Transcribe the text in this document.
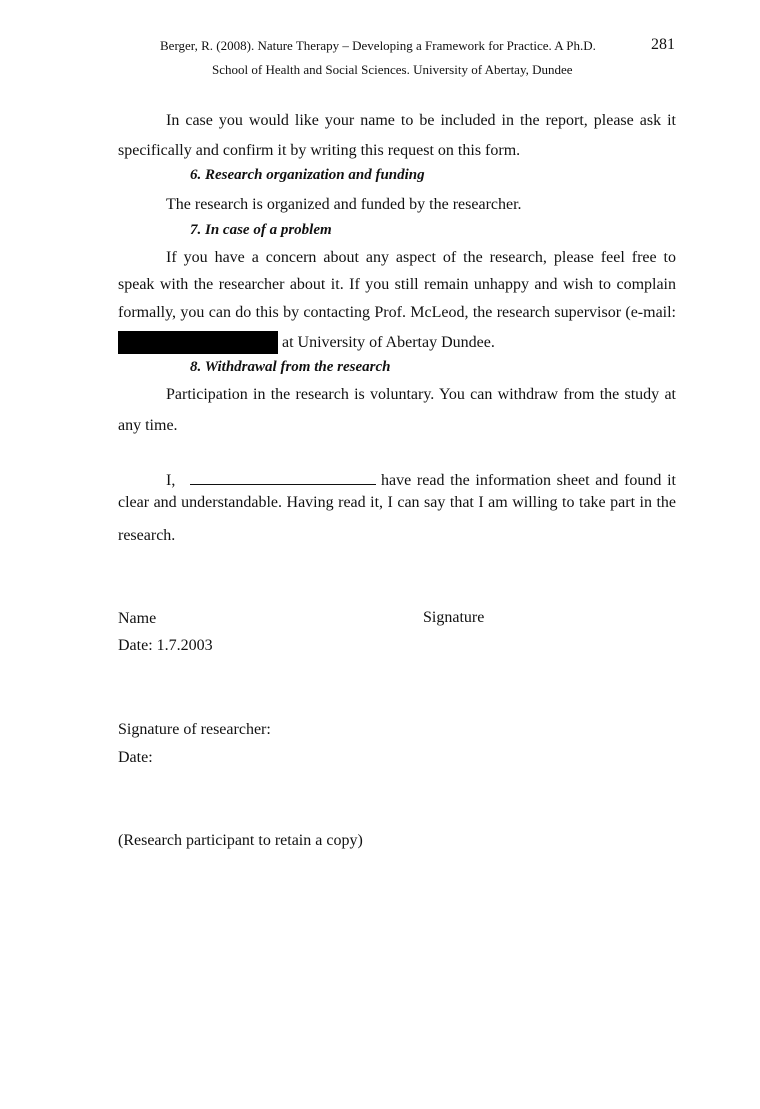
Berger, R. (2008). Nature Therapy – Developing a Framework for Practice. A Ph.D.	281
School of Health and Social Sciences. University of Abertay, Dundee
In case you would like your name to be included in the report, please ask it
specifically and confirm it by writing this request on this form.
6. Research organization and funding
The research is organized and funded by the researcher.
7. In case of a problem
If you have a concern about any aspect of the research, please feel free to
speak with the researcher about it. If you still remain unhappy and wish to complain
formally, you can do this by contacting Prof. McLeod, the research supervisor (e-mail:
at University of Abertay Dundee.
8. Withdrawal from the research
Participation in the research is voluntary. You can withdraw from the study at
any time.
I,	have read the information sheet and found it
clear and understandable. Having read it, I can say that I am willing to take part in the
research.
Name	Signature
Date: 1.7.2003
Signature of researcher:
Date:
(Research participant to retain a copy)
